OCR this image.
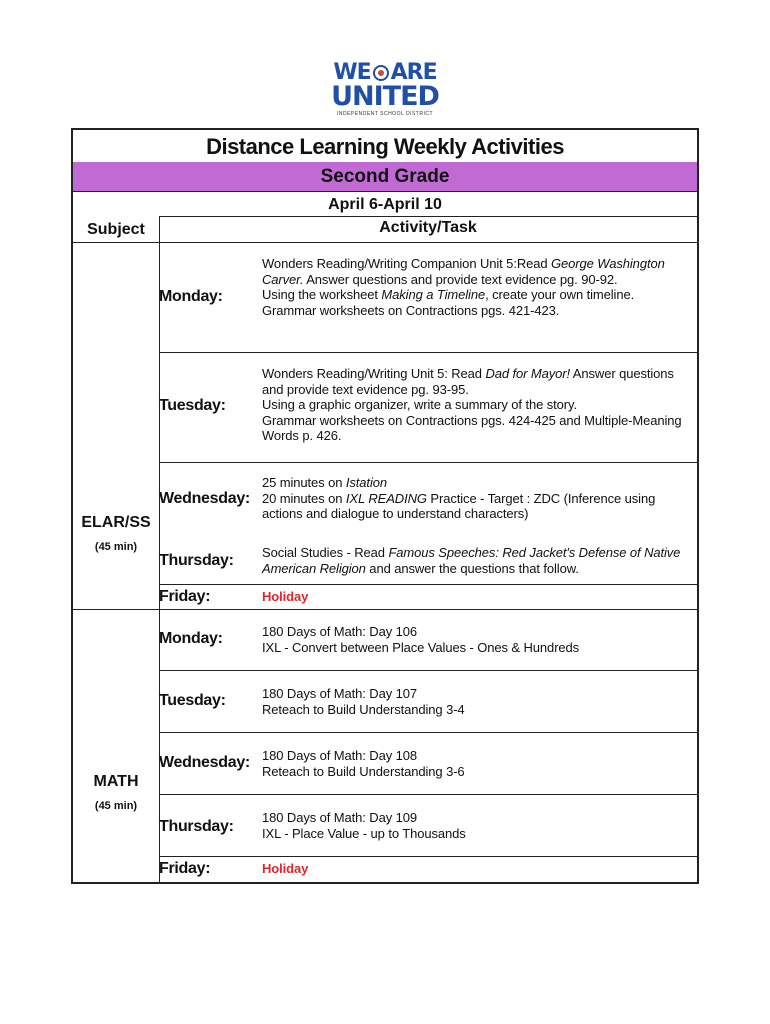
WE ARE
UNITED
INDEPENDENT SCHOOL DISTRICT
Distance Learning Weekly Activities
Second Grade
April 6-April 10
Subject	Activity/Task
ELAR/SS
(45 min)
Monday:
Wonders Reading/Writing Companion Unit 5:Read George Washington Carver. Answer questions and provide text evidence pg. 90-92.
Using the worksheet Making a Timeline, create your own timeline.
Grammar worksheets on Contractions pgs. 421-423.
Tuesday:
Wonders Reading/Writing Unit 5: Read Dad for Mayor! Answer questions and provide text evidence pg. 93-95.
Using a graphic organizer, write a summary of the story.
Grammar worksheets on Contractions pgs. 424-425 and Multiple-Meaning Words p. 426.
Wednesday:
25 minutes on Istation
20 minutes on IXL READING Practice - Target : ZDC (Inference using actions and dialogue to understand characters)
Thursday: Social Studies - Read Famous Speeches: Red Jacket's Defense of Native American Religion and answer the questions that follow.
Friday:	Holiday
MATH
(45 min)
Monday:	180 Days of Math: Day 106
IXL - Convert between Place Values - Ones & Hundreds
Tuesday:	180 Days of Math: Day 107
Reteach to Build Understanding 3-4
Wednesday: 180 Days of Math: Day 108
Reteach to Build Understanding 3-6
Thursday:
180 Days of Math: Day 109
IXL - Place Value - up to Thousands
Friday:	Holiday
